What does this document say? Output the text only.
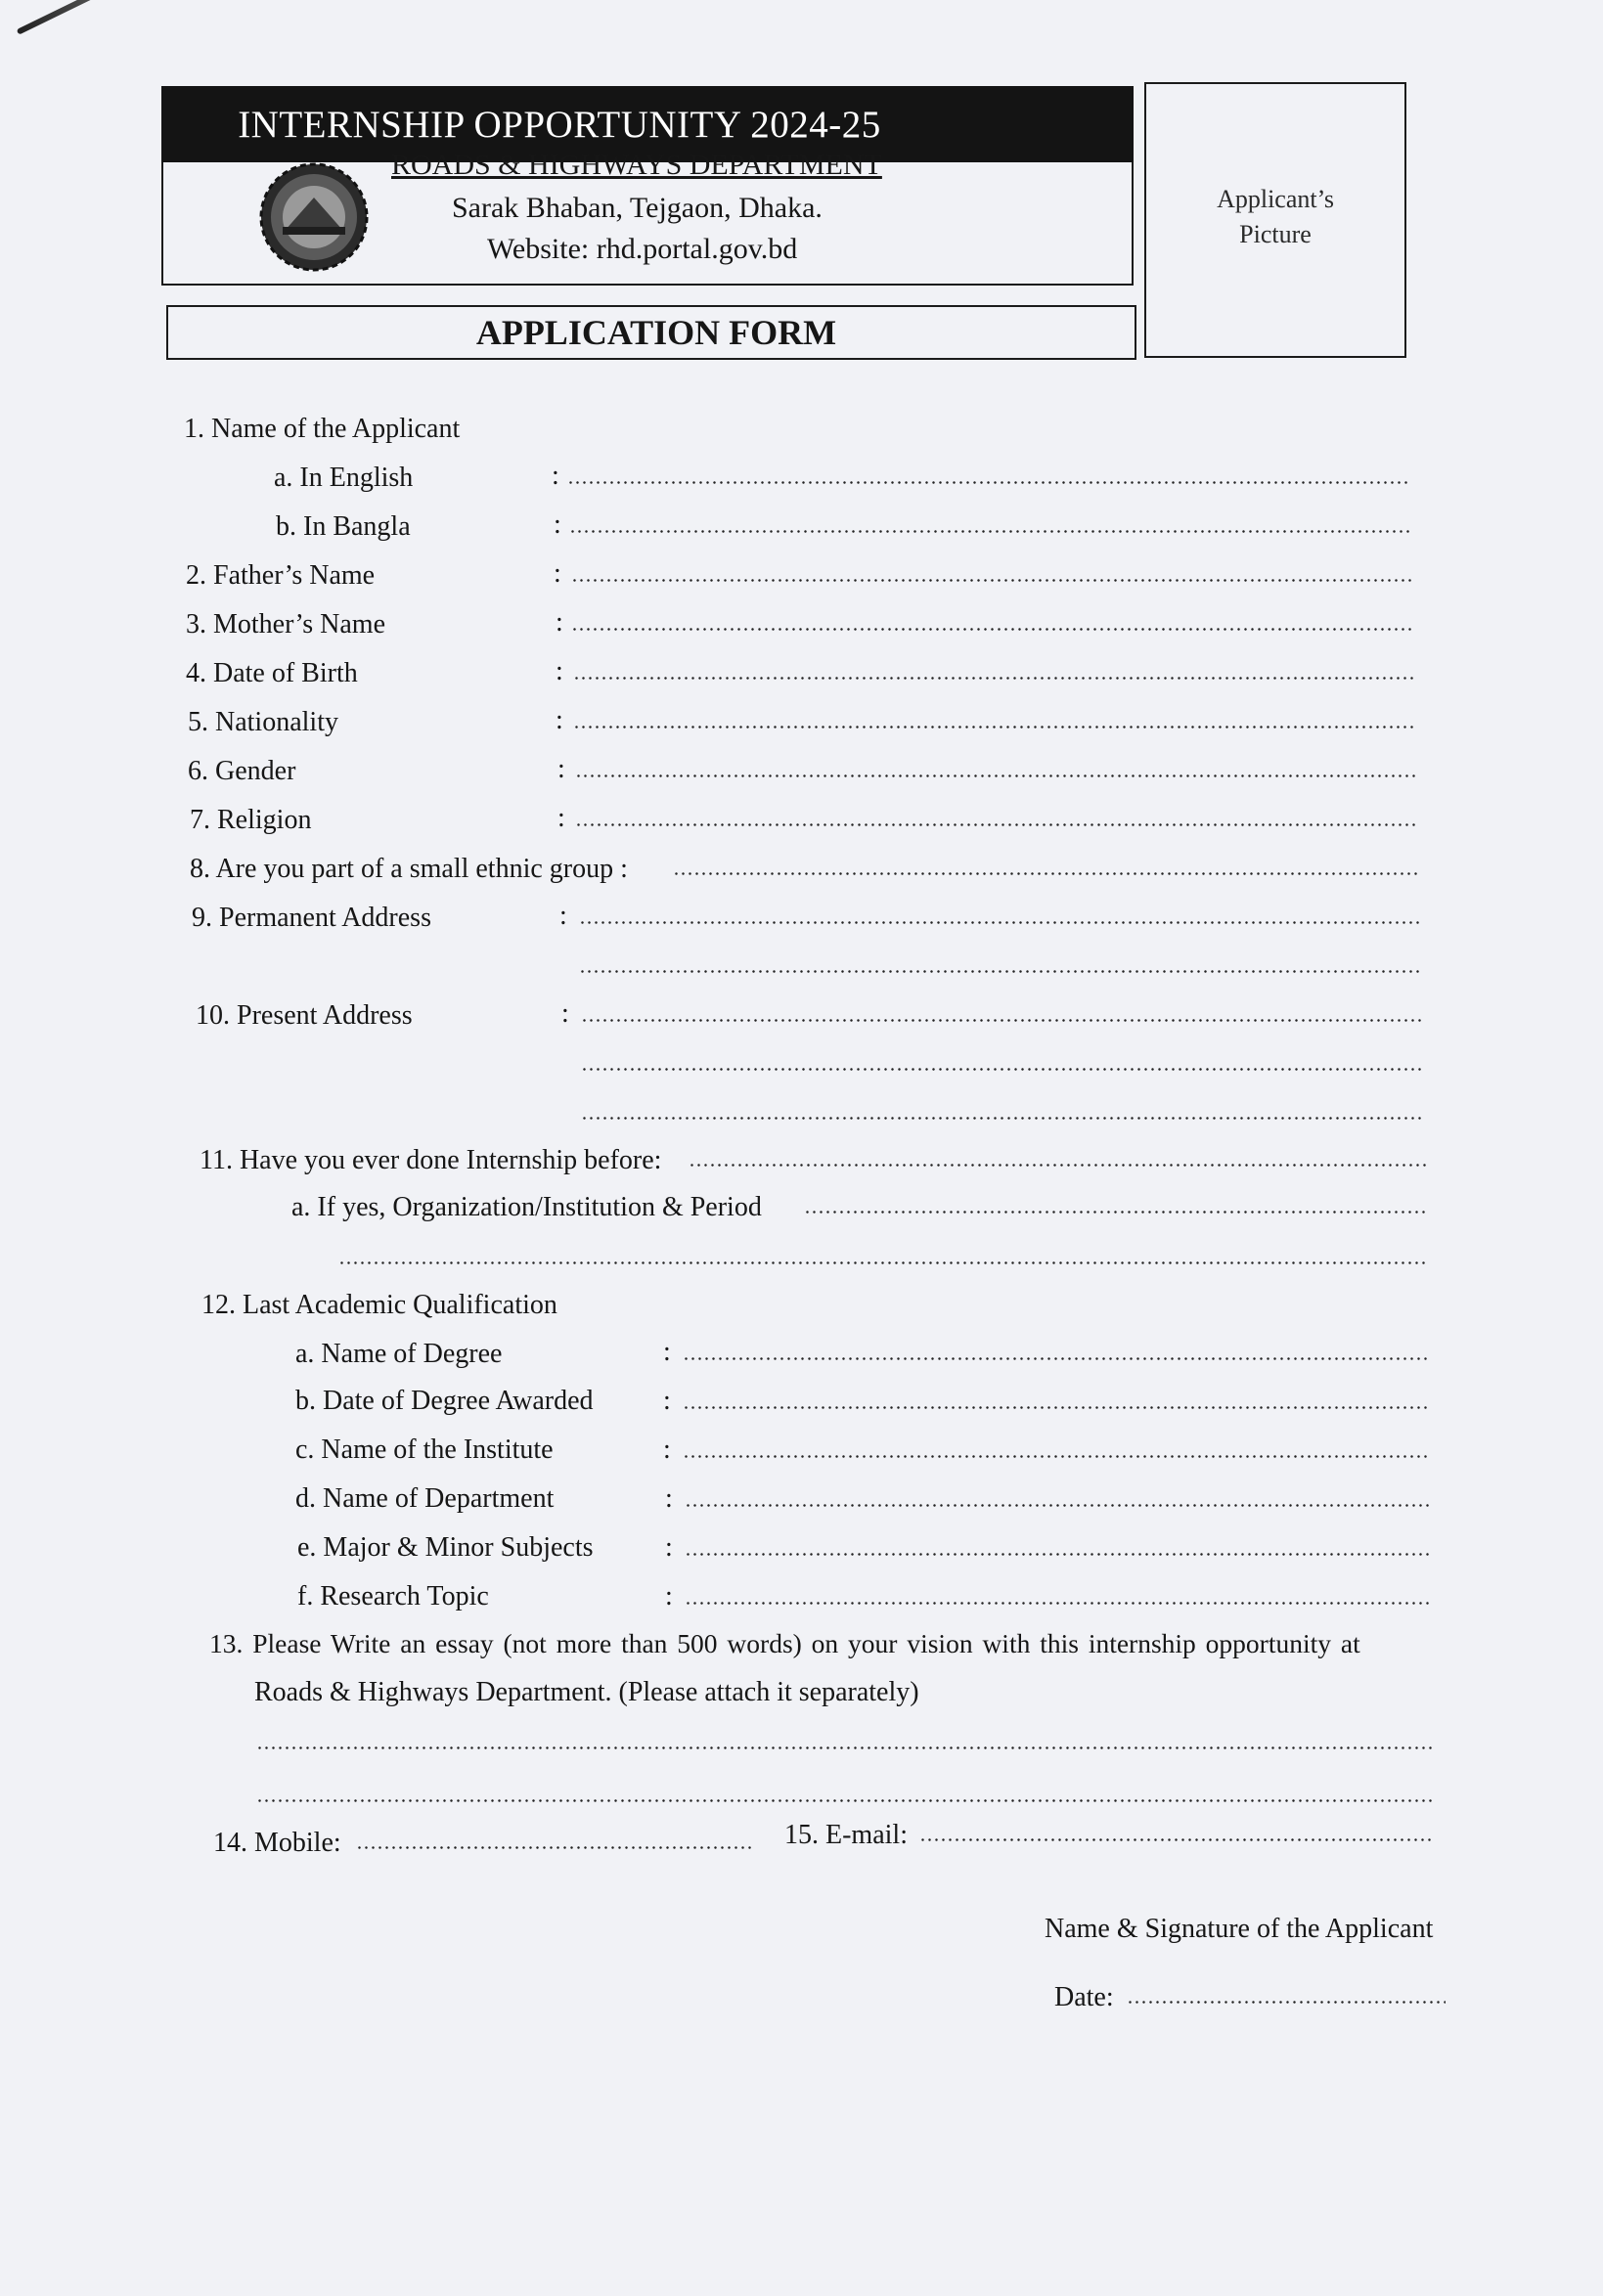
INTERNSHIP OPPORTUNITY 2024-25
ROADS & HIGHWAYS DEPARTMENT
Sarak Bhaban, Tejgaon, Dhaka.
Website: rhd.portal.gov.bd
Applicant’s
Picture
APPLICATION FORM
1. Name of the Applicant
a. In English	:
b. In Bangla	:
2. Father’s Name	:
3. Mother’s Name	:
4. Date of Birth	:
5. Nationality	:
6. Gender	:
7. Religion	:
8. Are you part of a small ethnic group :
9. Permanent Address	:
10. Present Address	:
11. Have you ever done Internship before:
a. If yes, Organization/Institution & Period
12. Last Academic Qualification
a. Name of Degree	:
b. Date of Degree Awarded	:
c. Name of the Institute	:
d. Name of Department	:
e. Major & Minor Subjects	:
f. Research Topic	:
13. Please Write an essay (not more than 500 words) on your vision with this internship opportunity at
Roads & Highways Department. (Please attach it separately)
14. Mobile:	15. E-mail:
Name & Signature of the Applicant
Date:
